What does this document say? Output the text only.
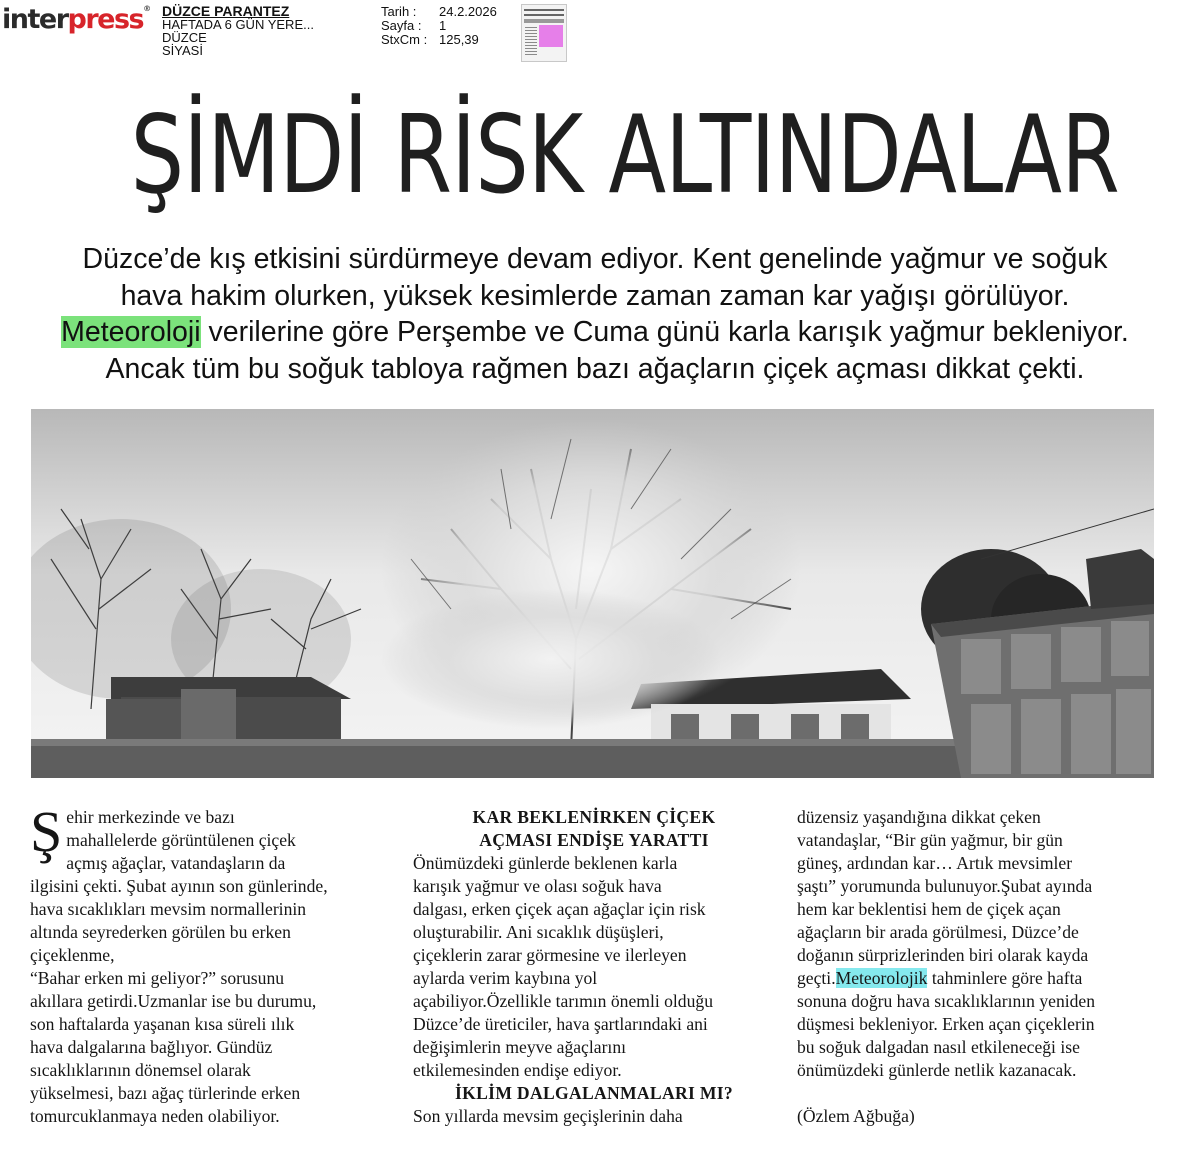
interpress® DÜZCE PARANTEZ
HAFTADA 6 GÜN YERE...
DÜZCE
SİYASİ
Tarih : 24.2.2026
Sayfa : 1
StxCm : 125,39
ŞİMDİ RİSK ALTINDALAR
Düzce’de kış etkisini sürdürmeye devam ediyor. Kent genelinde yağmur ve soğuk
hava hakim olurken, yüksek kesimlerde zaman zaman kar yağışı görülüyor.
Meteoroloji verilerine göre Perşembe ve Cuma günü karla karışık yağmur bekleniyor.
Ancak tüm bu soğuk tabloya rağmen bazı ağaçların çiçek açması dikkat çekti.
Ş ehir merkezinde ve bazı
mahallelerde görüntülenen çiçek
açmış ağaçlar, vatandaşların da
ilgisini çekti. Şubat ayının son günlerinde,
hava sıcaklıkları mevsim normallerinin
altında seyrederken görülen bu erken
çiçeklenme,
“Bahar erken mi geliyor?” sorusunu
akıllara getirdi.Uzmanlar ise bu durumu,
son haftalarda yaşanan kısa süreli ılık
hava dalgalarına bağlıyor. Gündüz
sıcaklıklarının dönemsel olarak
yükselmesi, bazı ağaç türlerinde erken
tomurcuklanmaya neden olabiliyor.
KAR BEKLENİRKEN ÇİÇEK
AÇMASI ENDİŞE YARATTI
Önümüzdeki günlerde beklenen karla
karışık yağmur ve olası soğuk hava
dalgası, erken çiçek açan ağaçlar için risk
oluşturabilir. Ani sıcaklık düşüşleri,
çiçeklerin zarar görmesine ve ilerleyen
aylarda verim kaybına yol
açabiliyor.Özellikle tarımın önemli olduğu
Düzce’de üreticiler, hava şartlarındaki ani
değişimlerin meyve ağaçlarını
etkilemesinden endişe ediyor.
İKLİM DALGALANMALARI MI?
Son yıllarda mevsim geçişlerinin daha
düzensiz yaşandığına dikkat çeken
vatandaşlar, “Bir gün yağmur, bir gün
güneş, ardından kar… Artık mevsimler
şaştı” yorumunda bulunuyor.Şubat ayında
hem kar beklentisi hem de çiçek açan
ağaçların bir arada görülmesi, Düzce’de
doğanın sürprizlerinden biri olarak kayda
geçti.Meteorolojik tahminlere göre hafta
sonuna doğru hava sıcaklıklarının yeniden
düşmesi bekleniyor. Erken açan çiçeklerin
bu soğuk dalgadan nasıl etkileneceği ise
önümüzdeki günlerde netlik kazanacak.
(Özlem Ağbuğa)
